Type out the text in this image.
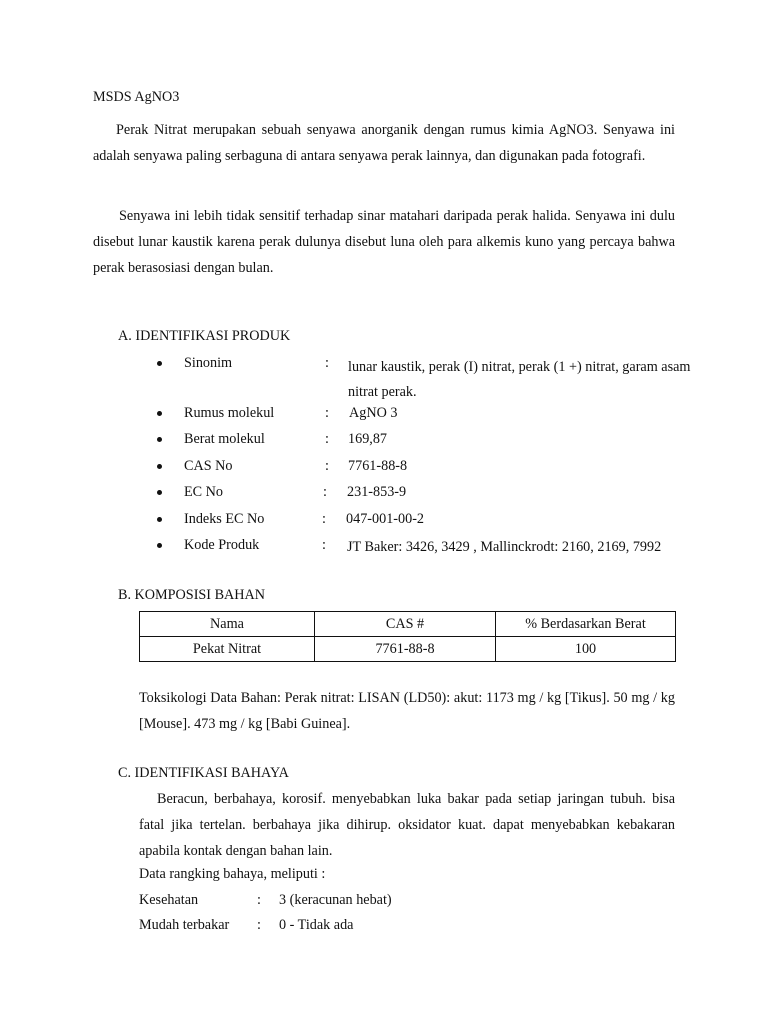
MSDS AgNO3
Perak Nitrat merupakan sebuah senyawa anorganik dengan rumus kimia AgNO3. Senyawa ini adalah senyawa paling serbaguna di antara senyawa perak lainnya, dan digunakan pada fotografi.
Senyawa ini lebih tidak sensitif terhadap sinar matahari daripada perak halida. Senyawa ini dulu disebut lunar kaustik karena perak dulunya disebut luna oleh para alkemis kuno yang percaya bahwa perak berasosiasi dengan bulan.
A. IDENTIFIKASI PRODUK
Sinonim	: lunar kaustik, perak (I) nitrat, perak (1 +) nitrat, garam asam
nitrat perak.
Rumus molekul	: AgNO 3
Berat molekul	: 169,87
CAS No	: 7761-88-8
EC No	: 231-853-9
Indeks EC No	: 047-001-00-2
Kode Produk	: JT Baker: 3426, 3429 , Mallinckrodt: 2160, 2169, 7992
B. KOMPOSISI BAHAN
Nama	CAS #	% Berdasarkan Berat
Pekat Nitrat	7761-88-8	100
Toksikologi Data Bahan: Perak nitrat: LISAN (LD50): akut: 1173 mg / kg [Tikus]. 50 mg / kg [Mouse]. 473 mg / kg [Babi Guinea].
C. IDENTIFIKASI BAHAYA
Beracun, berbahaya, korosif. menyebabkan luka bakar pada setiap jaringan tubuh. bisa fatal jika tertelan. berbahaya jika dihirup. oksidator kuat. dapat menyebabkan kebakaran apabila kontak dengan bahan lain.
Data rangking bahaya, meliputi :
Kesehatan	: 3 (keracunan hebat)
Mudah terbakar : 0 - Tidak ada
